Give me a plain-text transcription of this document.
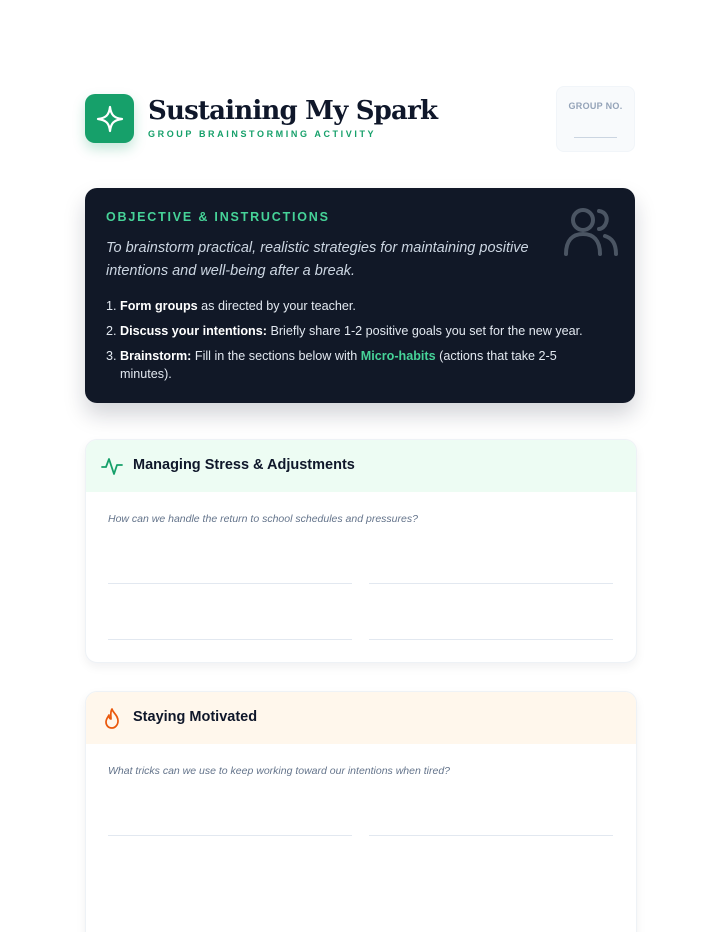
Sustaining My Spark
GROUP BRAINSTORMING ACTIVITY
GROUP NO.
OBJECTIVE & INSTRUCTIONS

To brainstorm practical, realistic strategies for maintaining positive intentions and well-being after a break.

1. Form groups as directed by your teacher.
2. Discuss your intentions: Briefly share 1-2 positive goals you set for the new year.
3. Brainstorm: Fill in the sections below with Micro-habits (actions that take 2-5 minutes).
Managing Stress & Adjustments
How can we handle the return to school schedules and pressures?
Staying Motivated
What tricks can we use to keep working toward our intentions when tired?
